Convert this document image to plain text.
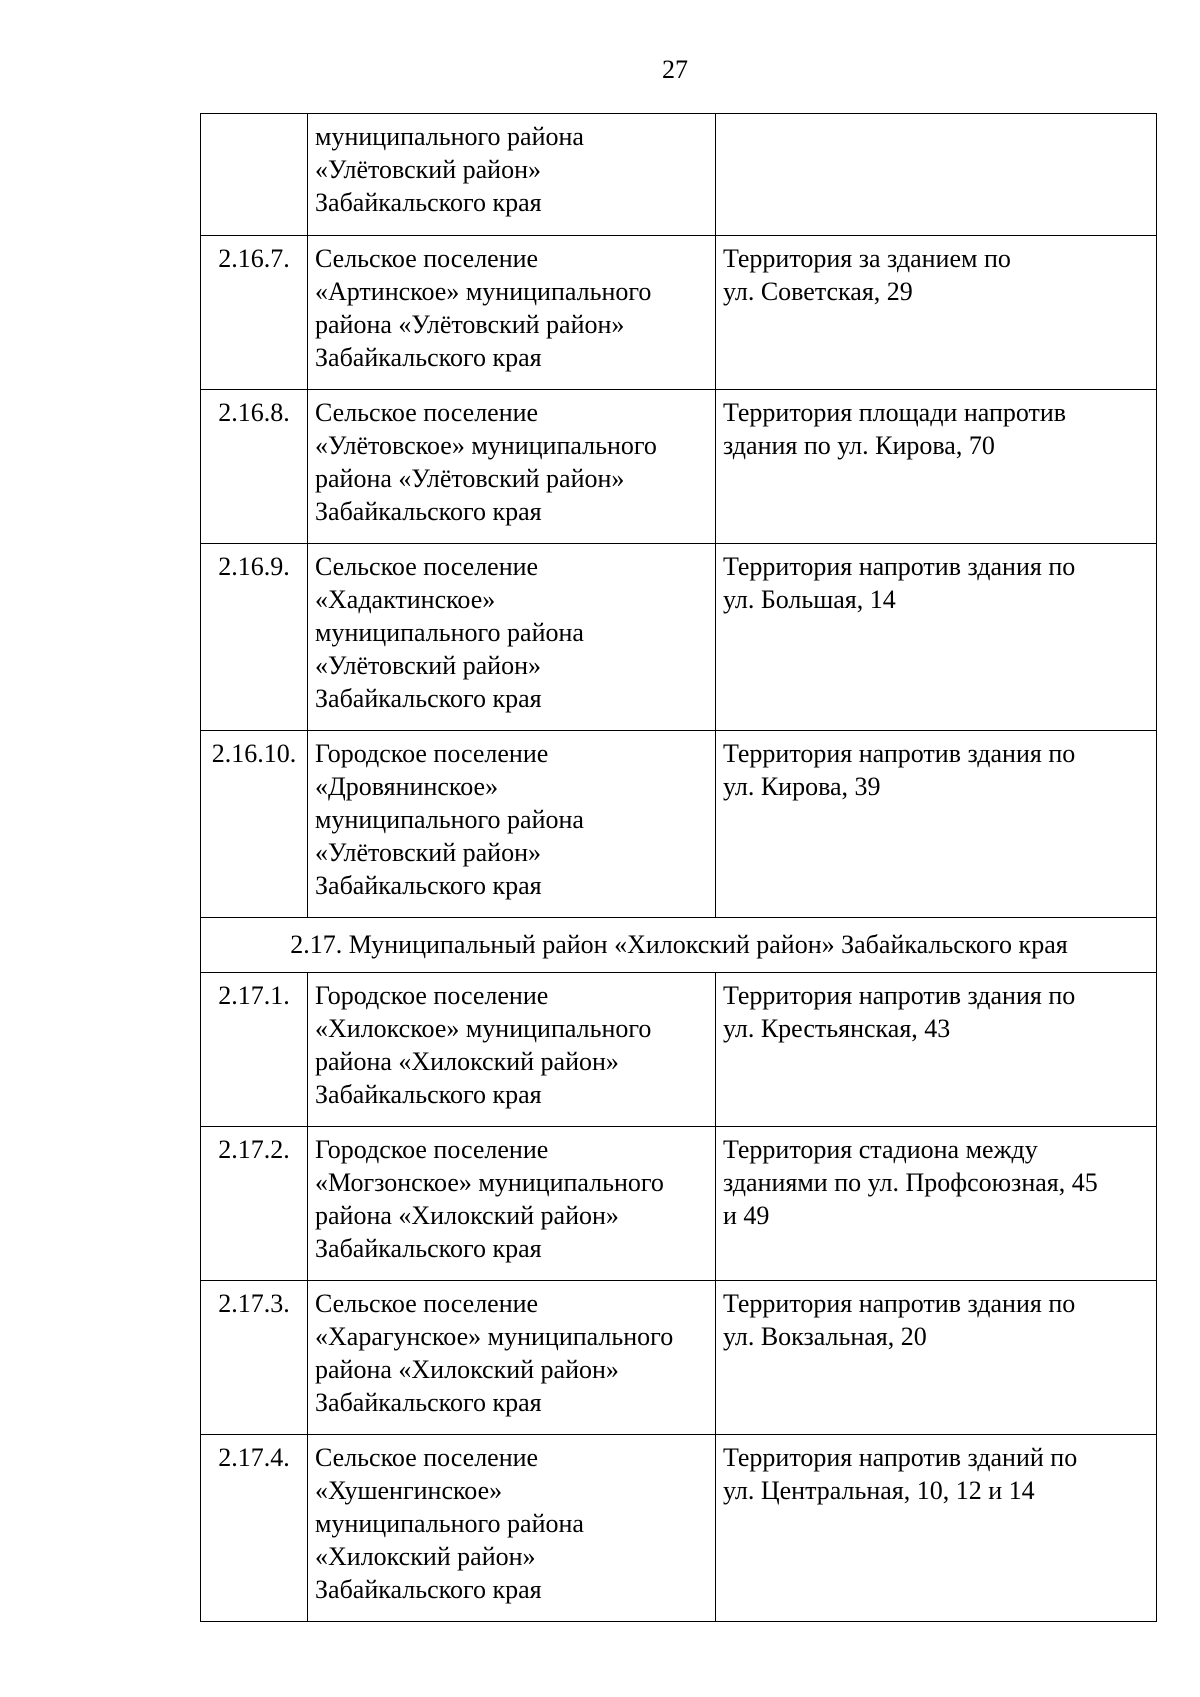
27
	муниципального района
«Улётовский район»
Забайкальского края	
2.16.7.	Сельское поселение
«Артинское» муниципального
района «Улётовский район»
Забайкальского края	Территория за зданием по
ул. Советская, 29
2.16.8.	Сельское поселение
«Улётовское» муниципального
района «Улётовский район»
Забайкальского края	Территория площади напротив
здания по ул. Кирова, 70
2.16.9.	Сельское поселение
«Хадактинское»
муниципального района
«Улётовский район»
Забайкальского края	Территория напротив здания по
ул. Большая, 14
2.16.10.	Городское поселение
«Дровянинское»
муниципального района
«Улётовский район»
Забайкальского края	Территория напротив здания по
ул. Кирова, 39
2.17. Муниципальный район «Хилокский район» Забайкальского края		
2.17.1.	Городское поселение
«Хилокское» муниципального
района «Хилокский район»
Забайкальского края	Территория напротив здания по
ул. Крестьянская, 43
2.17.2.	Городское поселение
«Могзонское» муниципального
района «Хилокский район»
Забайкальского края	Территория стадиона между
зданиями по ул. Профсоюзная, 45
и 49
2.17.3.	Сельское поселение
«Харагунское» муниципального
района «Хилокский район»
Забайкальского края	Территория напротив здания по
ул. Вокзальная, 20
2.17.4.	Сельское поселение
«Хушенгинское»
муниципального района
«Хилокский район»
Забайкальского края	Территория напротив зданий по
ул. Центральная, 10, 12 и 14
